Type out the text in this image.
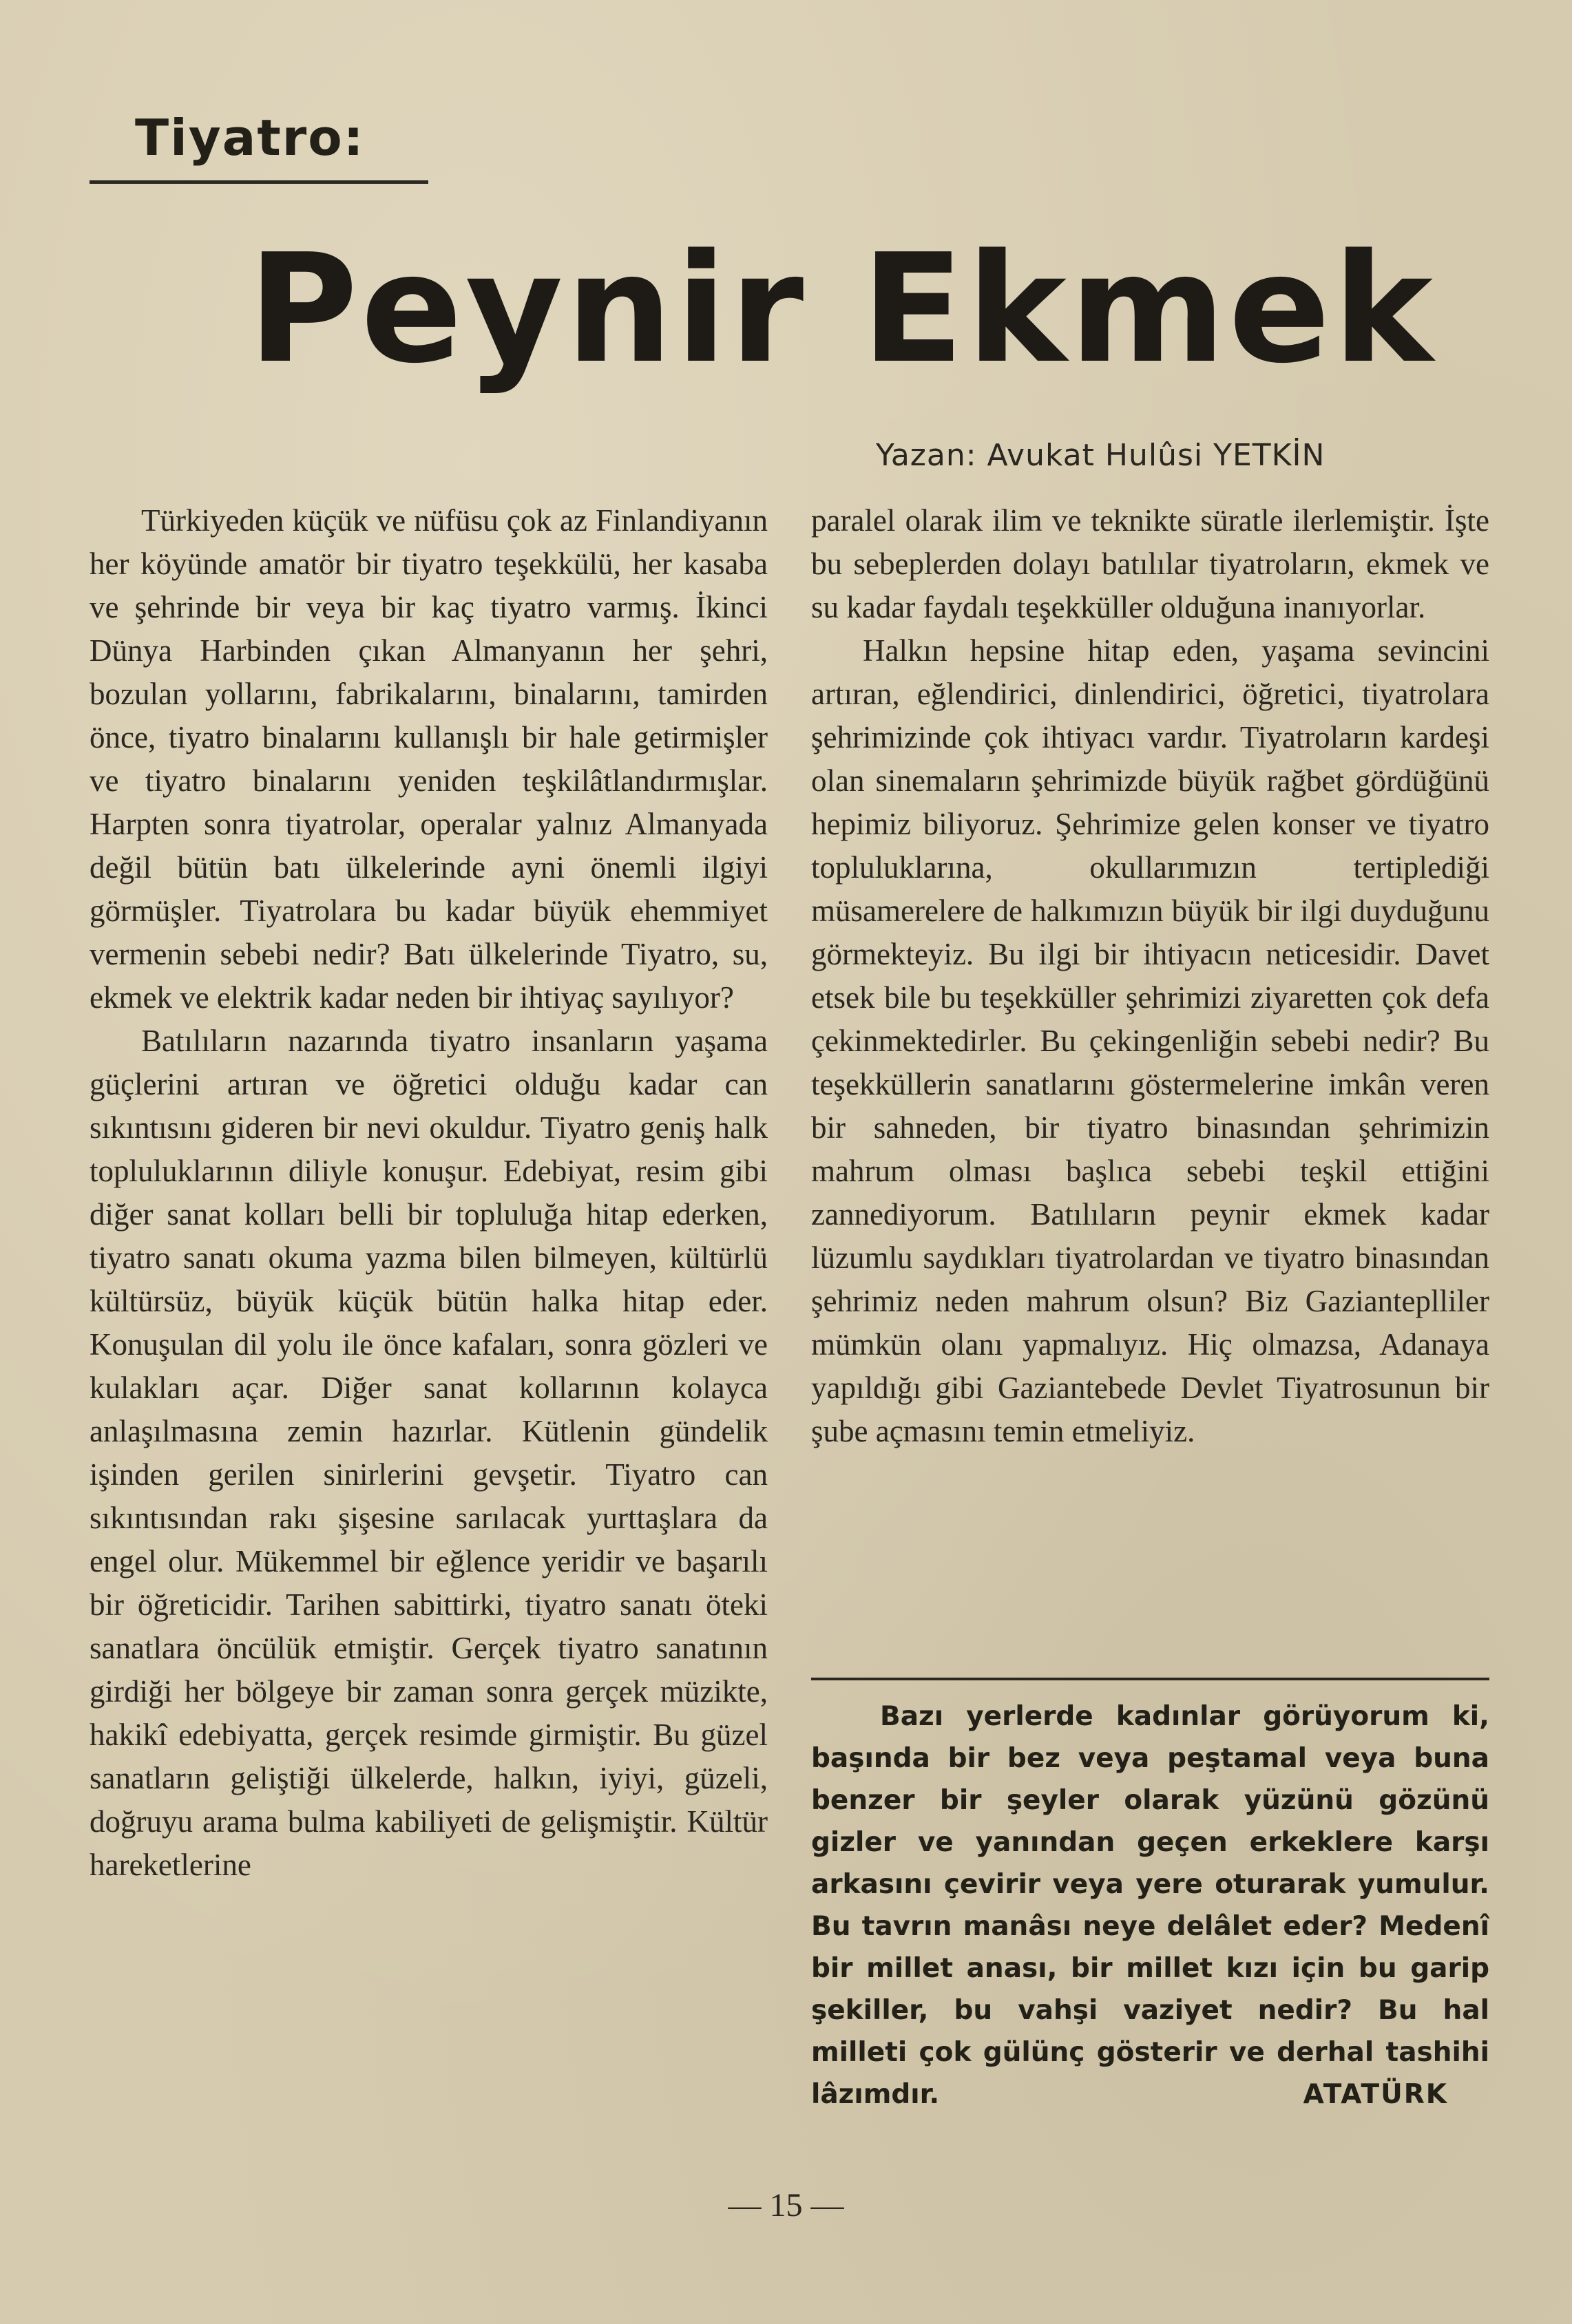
Tiyatro:
Peynir Ekmek
Yazan: Avukat Hulûsi YETKİN

Türkiyeden küçük ve nüfüsu çok az Finlandiyanın her köyünde amatör bir tiyatro teşekkülü, her kasaba ve şehrinde bir veya bir kaç tiyatro varmış. İkinci Dünya Harbinden çıkan Almanyanın her şehri, bozulan yollarını, fabrikalarını, binalarını, tamirden önce, tiyatro binalarını kullanışlı bir hale getirmişler ve tiyatro binalarını yeniden teşkilâtlandırmışlar. Harpten sonra tiyatrolar, operalar yalnız Almanyada değil bütün batı ülkelerinde ayni önemli ilgiyi görmüşler. Tiyatrolara bu kadar büyük ehemmiyet vermenin sebebi nedir? Batı ülkelerinde Tiyatro, su, ekmek ve elektrik kadar neden bir ihtiyaç sayılıyor?

Batılıların nazarında tiyatro insanların yaşama güçlerini artıran ve öğretici olduğu kadar can sıkıntısını gideren bir nevi okuldur. Tiyatro geniş halk topluluklarının diliyle konuşur. Edebiyat, resim gibi diğer sanat kolları belli bir topluluğa hitap ederken, tiyatro sanatı okuma yazma bilen bilmeyen, kültürlü kültürsüz, büyük küçük bütün halka hitap eder. Konuşulan dil yolu ile önce kafaları, sonra gözleri ve kulakları açar. Diğer sanat kollarının kolayca anlaşılmasına zemin hazırlar. Kütlenin gündelik işinden gerilen sinirlerini gevşetir. Tiyatro can sıkıntısından rakı şişesine sarılacak yurttaşlara da engel olur. Mükemmel bir eğlence yeridir ve başarılı bir öğreticidir. Tarihen sabittirki, tiyatro sanatı öteki sanatlara öncülük etmiştir. Gerçek tiyatro sanatının girdiği her bölgeye bir zaman sonra gerçek müzikte, hakikî edebiyatta, gerçek resimde girmiştir. Bu güzel sanatların geliştiği ülkelerde, halkın, iyiyi, güzeli, doğruyu arama bulma kabiliyeti de gelişmiştir. Kültür hareketlerine

paralel olarak ilim ve teknikte süratle ilerlemiştir. İşte bu sebeplerden dolayı batılılar tiyatroların, ekmek ve su kadar faydalı teşekküller olduğuna inanıyorlar.

Halkın hepsine hitap eden, yaşama sevincini artıran, eğlendirici, dinlendirici, öğretici, tiyatrolara şehrimizinde çok ihtiyacı vardır. Tiyatroların kardeşi olan sinemaların şehrimizde büyük rağbet gördüğünü hepimiz biliyoruz. Şehrimize gelen konser ve tiyatro topluluklarına, okullarımızın tertiplediği müsamerelere de halkımızın büyük bir ilgi duyduğunu görmekteyiz. Bu ilgi bir ihtiyacın neticesidir. Davet etsek bile bu teşekküller şehrimizi ziyaretten çok defa çekinmektedirler. Bu çekingenliğin sebebi nedir? Bu teşekküllerin sanatlarını göstermelerine imkân veren bir sahneden, bir tiyatro binasından şehrimizin mahrum olması başlıca sebebi teşkil ettiğini zannediyorum. Batılıların peynir ekmek kadar lüzumlu saydıkları tiyatrolardan ve tiyatro binasından şehrimiz neden mahrum olsun? Biz Gazianteplliler mümkün olanı yapmalıyız. Hiç olmazsa, Adanaya yapıldığı gibi Gaziantebede Devlet Tiyatrosunun bir şube açmasını temin etmeliyiz.

Bazı yerlerde kadınlar görüyorum ki, başında bir bez veya peştamal veya buna benzer bir şeyler olarak yüzünü gözünü gizler ve yanından geçen erkeklere karşı arkasını çevirir veya yere oturarak yumulur. Bu tavrın manâsı neye delâlet eder? Medenî bir millet anası, bir millet kızı için bu garip şekiller, bu vahşi vaziyet nedir? Bu hal milleti çok gülünç gösterir ve derhal tashihi lâzımdır.	ATATÜRK
— 15 —
